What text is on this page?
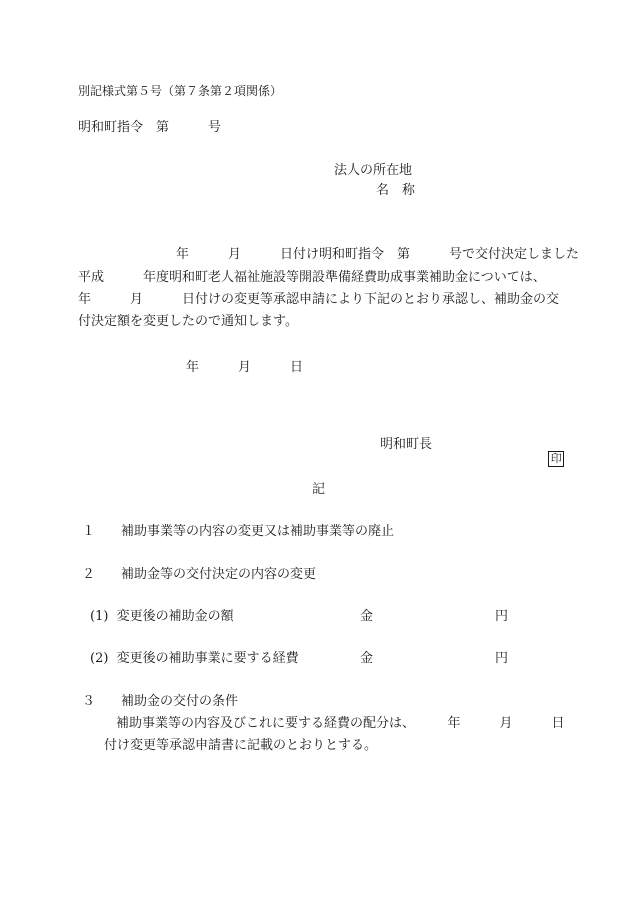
別記様式第５号（第７条第２項関係）
明和町指令　第　　　号
法人の所在地
名　称
年　　　月　　　日付け明和町指令　第　　　号で交付決定しました
平成　　　年度明和町老人福祉施設等開設準備経費助成事業補助金については、
年　　　月　　　日付けの変更等承認申請により下記のとおり承認し、補助金の交
付決定額を変更したので通知します。
年　　　月　　　日
明和町長

印

記
１　　補助事業等の内容の変更又は補助事業等の廃止
２　　補助金等の交付決定の内容の変更
(1)  変更後の補助金の額	金	円
(2)  変更後の補助事業に要する経費	金	円
３　　補助金の交付の条件
補助事業等の内容及びこれに要する経費の配分は、　　　年　　　月　　　日
付け変更等承認申請書に記載のとおりとする。
